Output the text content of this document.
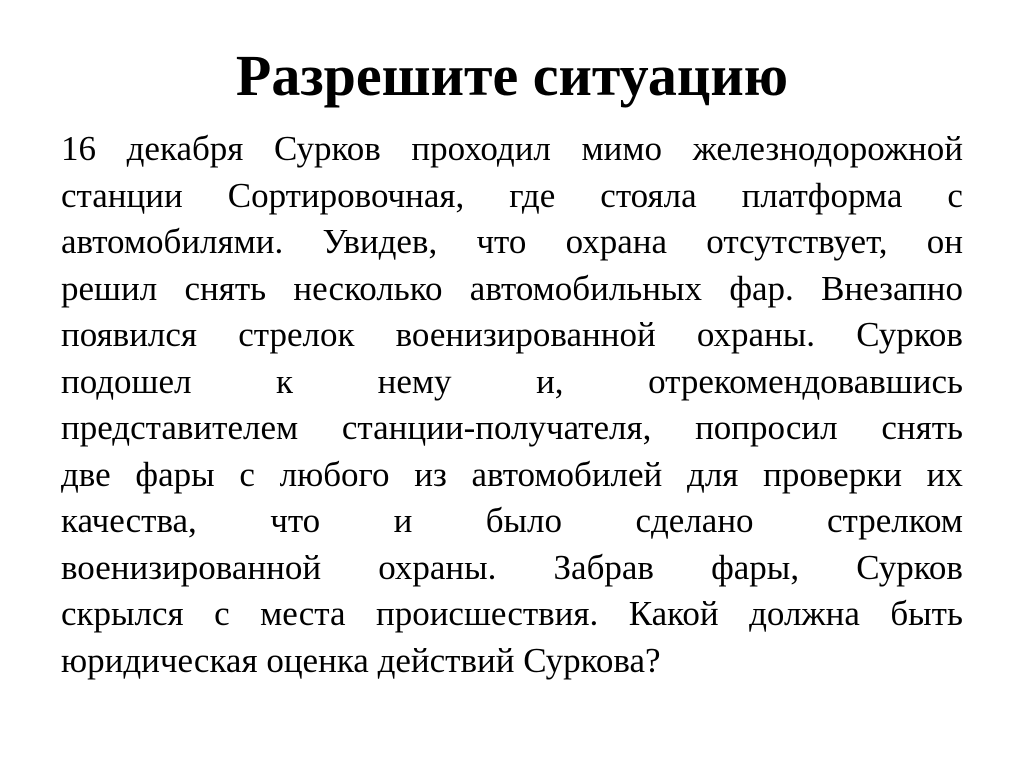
Разрешите ситуацию
16 декабря Сурков проходил мимо железнодорожной
станции Сортировочная, где стояла платформа с
автомобилями. Увидев, что охрана отсутствует, он
решил снять несколько автомобильных фар. Внезапно
появился стрелок военизированной охраны. Сурков
подошел к нему и, отрекомендовавшись
представителем станции-получателя, попросил снять
две фары с любого из автомобилей для проверки их
качества, что и было сделано стрелком
военизированной охраны. Забрав фары, Сурков
скрылся с места происшествия. Какой должна быть
юридическая оценка действий Суркова?
